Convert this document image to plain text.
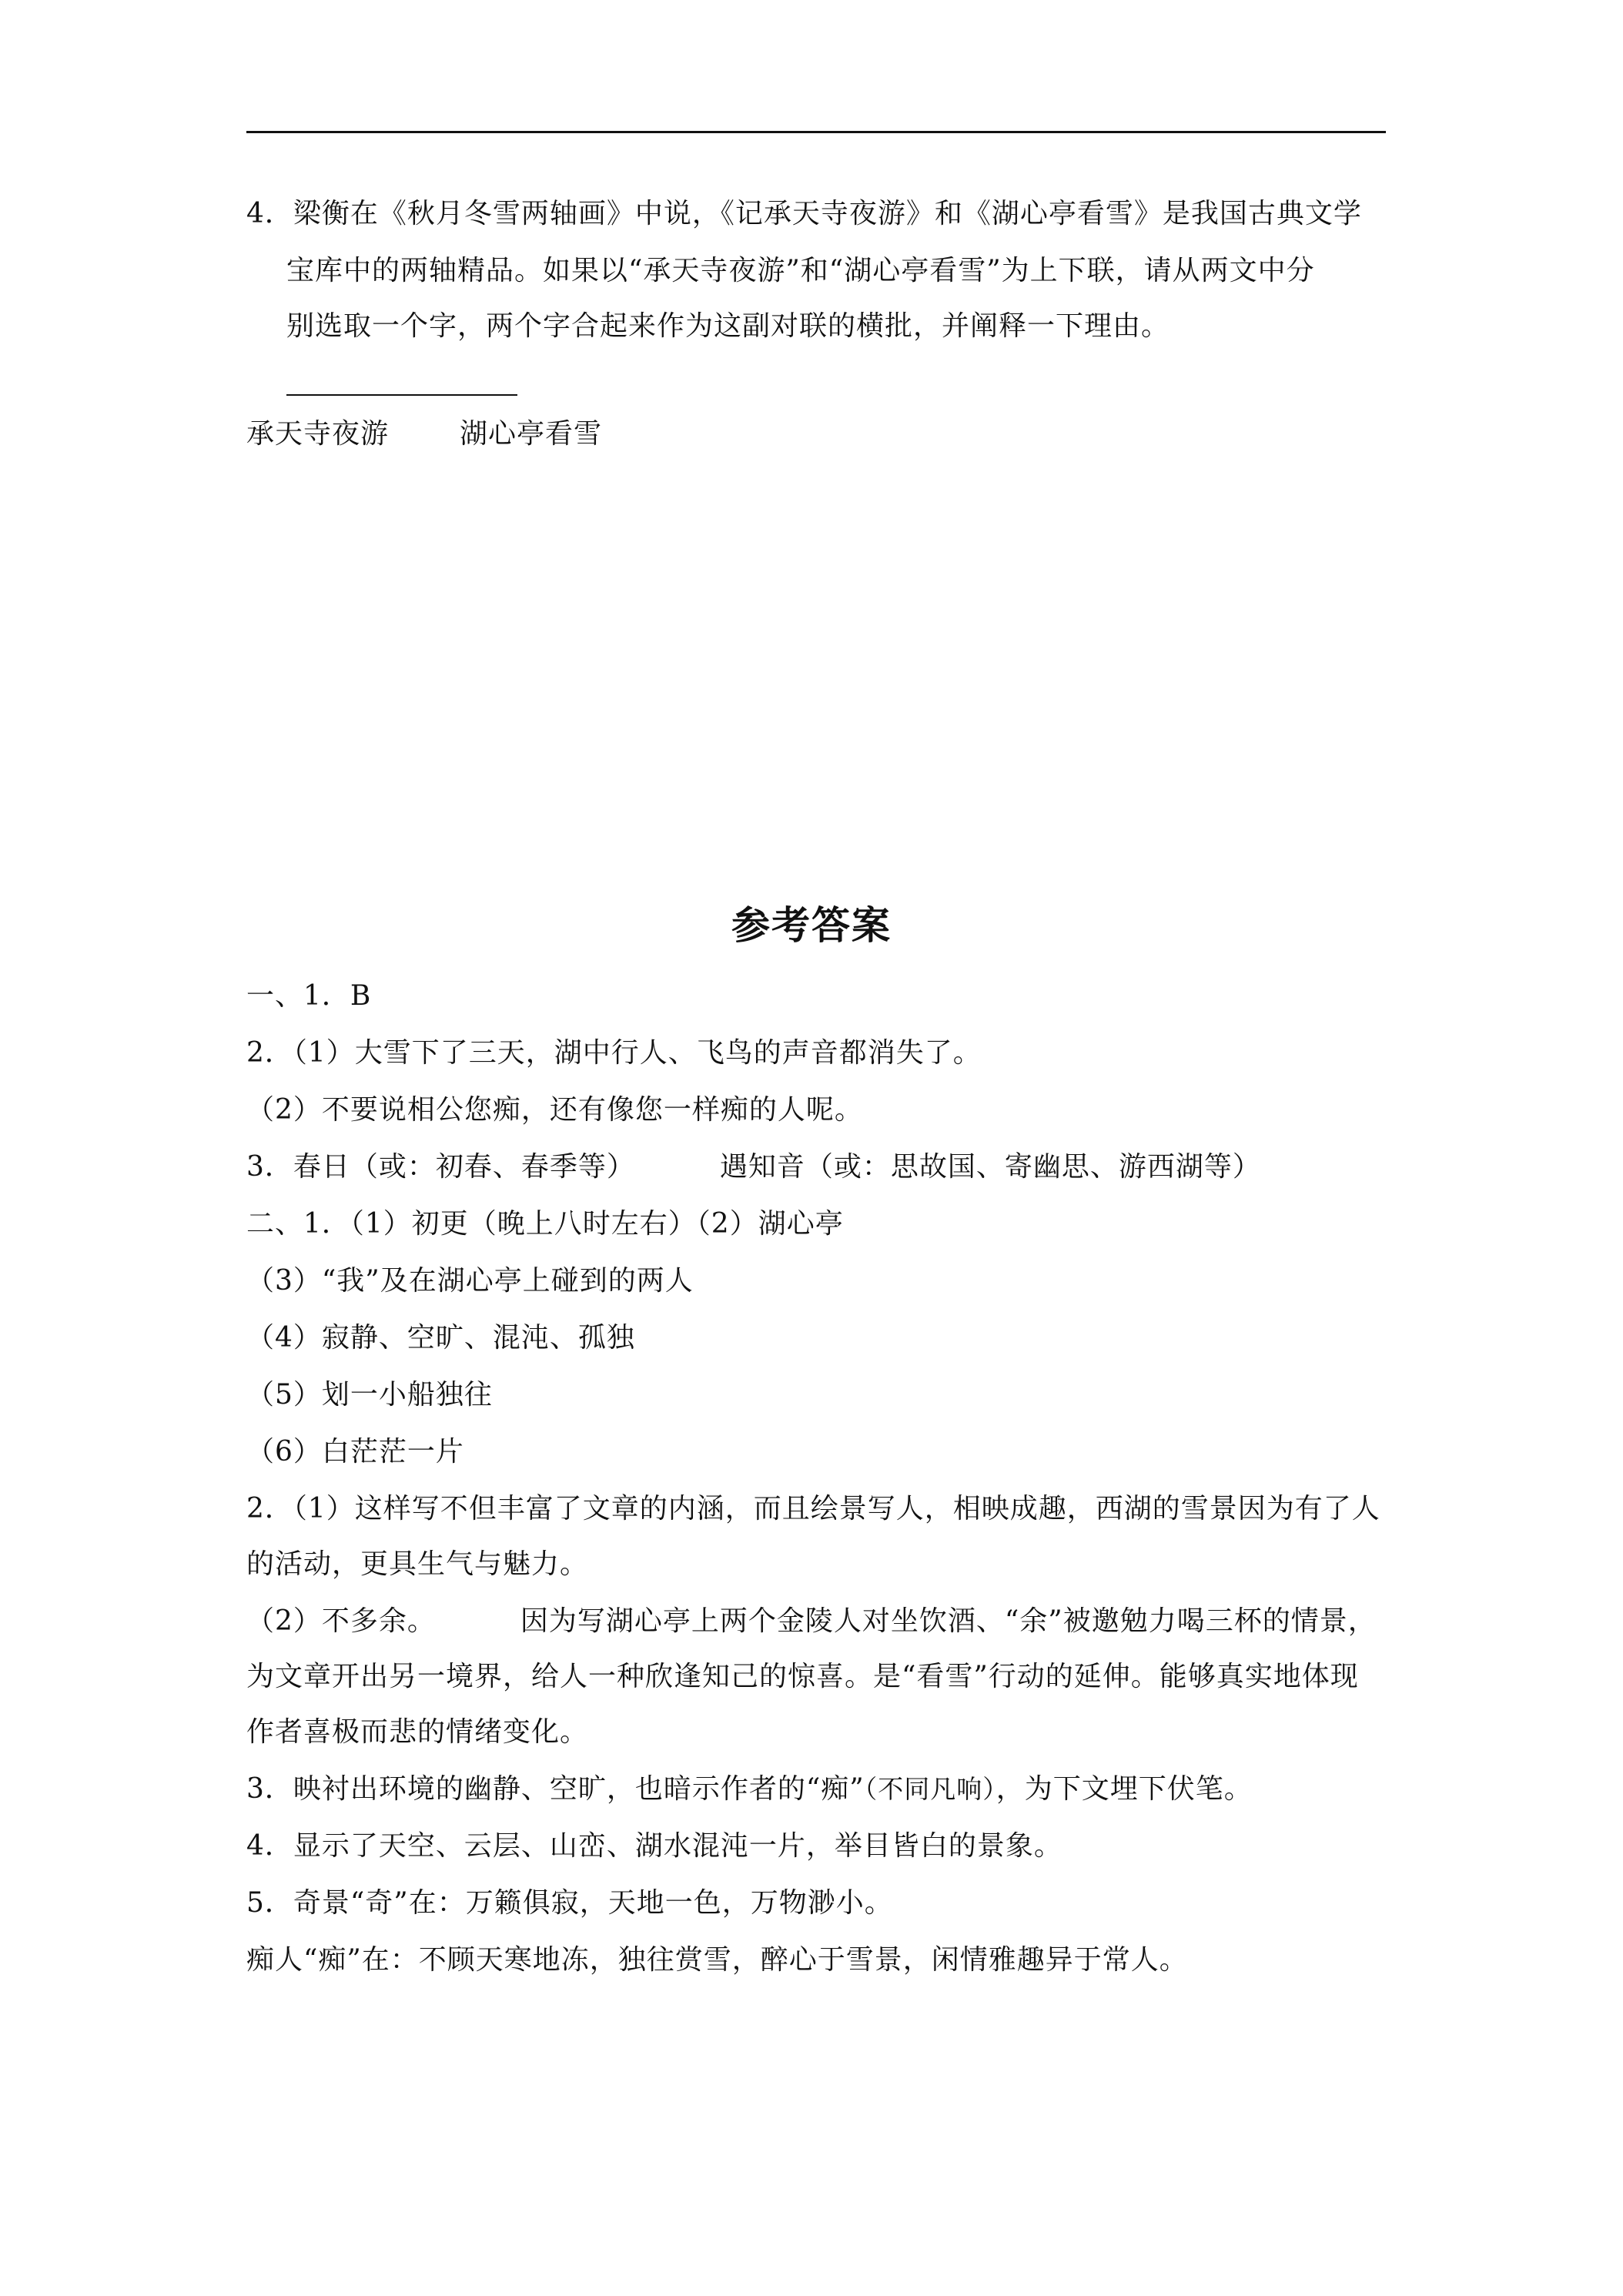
4．梁衡在《秋月冬雪两轴画》中说，《记承天寺夜游》和《湖心亭看雪》是我国古典文学
宝库中的两轴精品。如果以“承天寺夜游”和“湖心亭看雪”为上下联，请从两文中分
别选取一个字，两个字合起来作为这副对联的横批，并阐释一下理由。
承天寺夜游	湖心亭看雪
参考答案
一、1．B
2．（1）大雪下了三天，湖中行人、飞鸟的声音都消失了。
（2）不要说相公您痴，还有像您一样痴的人呢。
3．春日（或：初春、春季等）	遇知音（或：思故国、寄幽思、游西湖等）
二、1．（1）初更（晚上八时左右）（2）湖心亭
（3）“我”及在湖心亭上碰到的两人
（4）寂静、空旷、混沌、孤独
（5）划一小船独往
（6）白茫茫一片
2．（1）这样写不但丰富了文章的内涵，而且绘景写人，相映成趣，西湖的雪景因为有了人
的活动，更具生气与魅力。
（2）不多余。	因为写湖心亭上两个金陵人对坐饮酒、“余”被邀勉力喝三杯的情景，
为文章开出另一境界，给人一种欣逢知己的惊喜。是“看雪”行动的延伸。能够真实地体现
作者喜极而悲的情绪变化。
3．映衬出环境的幽静、空旷，也暗示作者的“痴”（不同凡响），为下文埋下伏笔。
4．显示了天空、云层、山峦、湖水混沌一片，举目皆白的景象。
5．奇景“奇”在：万籁俱寂，天地一色，万物渺小。
痴人“痴”在：不顾天寒地冻，独往赏雪，醉心于雪景，闲情雅趣异于常人。
